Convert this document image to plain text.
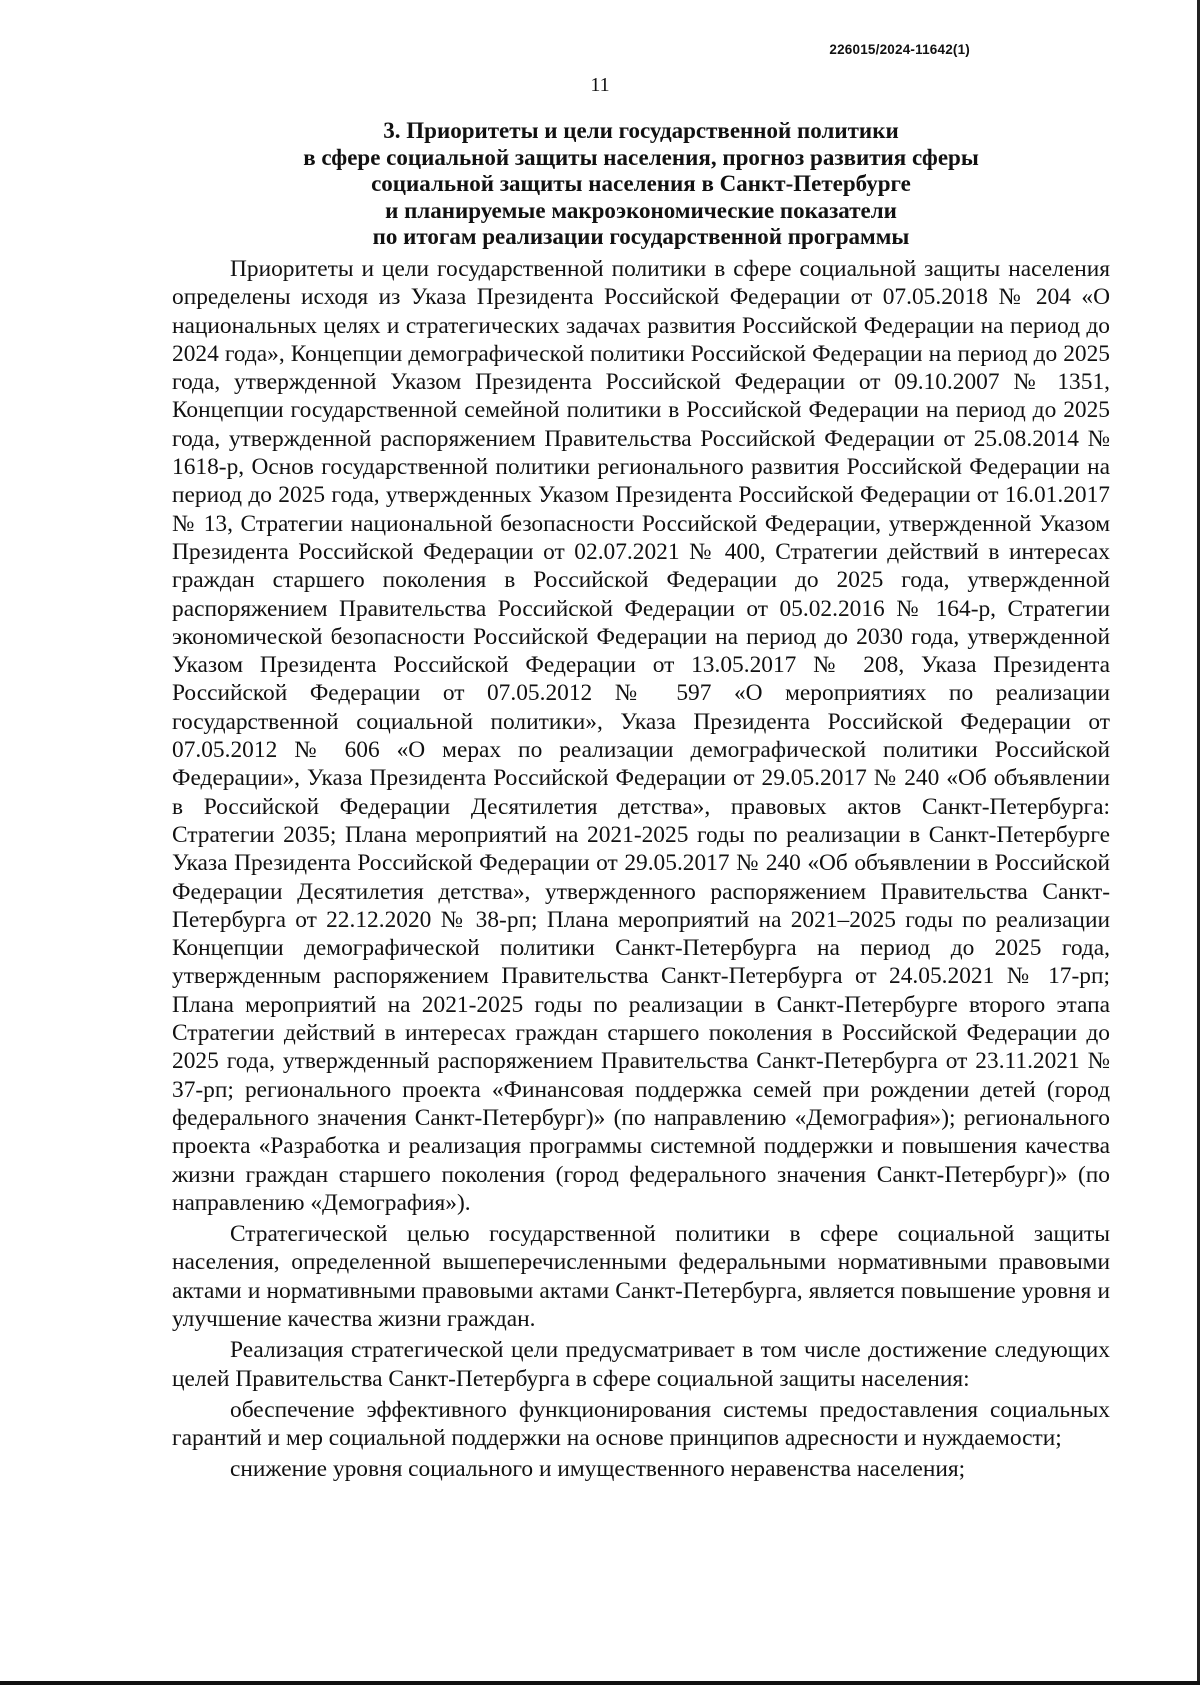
226015/2024-11642(1)
11
3. Приоритеты и цели государственной политики
в сфере социальной защиты населения, прогноз развития сферы
социальной защиты населения в Санкт-Петербурге
и планируемые макроэкономические показатели
по итогам реализации государственной программы

Приоритеты и цели государственной политики в сфере социальной защиты населения определены исходя из Указа Президента Российской Федерации от 07.05.2018 № 204 «О национальных целях и стратегических задачах развития Российской Федерации на период до 2024 года», Концепции демографической политики Российской Федерации на период до 2025 года, утвержденной Указом Президента Российской Федерации от 09.10.2007 № 1351, Концепции государственной семейной политики в Российской Федерации на период до 2025 года, утвержденной распоряжением Правительства Российской Федерации от 25.08.2014 № 1618-р, Основ государственной политики регионального развития Российской Федерации на период до 2025 года, утвержденных Указом Президента Российской Федерации от 16.01.2017 № 13, Стратегии национальной безопасности Российской Федерации, утвержденной Указом Президента Российской Федерации от 02.07.2021 № 400, Стратегии действий в интересах граждан старшего поколения в Российской Федерации до 2025 года, утвержденной распоряжением Правительства Российской Федерации от 05.02.2016 № 164-р, Стратегии экономической безопасности Российской Федерации на период до 2030 года, утвержденной Указом Президента Российской Федерации от 13.05.2017 № 208, Указа Президента Российской Федерации от 07.05.2012 № 597 «О мероприятиях по реализации государственной социальной политики», Указа Президента Российской Федерации от 07.05.2012 № 606 «О мерах по реализации демографической политики Российской Федерации», Указа Президента Российской Федерации от 29.05.2017 № 240 «Об объявлении в Российской Федерации Десятилетия детства», правовых актов Санкт-Петербурга: Стратегии 2035; Плана мероприятий на 2021-2025 годы по реализации в Санкт-Петербурге Указа Президента Российской Федерации от 29.05.2017 № 240 «Об объявлении в Российской Федерации Десятилетия детства», утвержденного распоряжением Правительства Санкт-Петербурга от 22.12.2020 № 38-рп; Плана мероприятий на 2021–2025 годы по реализации Концепции демографической политики Санкт-Петербурга на период до 2025 года, утвержденным распоряжением Правительства Санкт-Петербурга от 24.05.2021 № 17-рп; Плана мероприятий на 2021-2025 годы по реализации в Санкт-Петербурге второго этапа Стратегии действий в интересах граждан старшего поколения в Российской Федерации до 2025 года, утвержденный распоряжением Правительства Санкт-Петербурга от 23.11.2021 № 37-рп; регионального проекта «Финансовая поддержка семей при рождении детей (город федерального значения Санкт-Петербург)» (по направлению «Демография»); регионального проекта «Разработка и реализация программы системной поддержки и повышения качества жизни граждан старшего поколения (город федерального значения Санкт-Петербург)» (по направлению «Демография»).

Стратегической целью государственной политики в сфере социальной защиты населения, определенной вышеперечисленными федеральными нормативными правовыми актами и нормативными правовыми актами Санкт-Петербурга, является повышение уровня и улучшение качества жизни граждан.

Реализация стратегической цели предусматривает в том числе достижение следующих целей Правительства Санкт-Петербурга в сфере социальной защиты населения:

обеспечение эффективного функционирования системы предоставления социальных гарантий и мер социальной поддержки на основе принципов адресности и нуждаемости;

снижение уровня социального и имущественного неравенства населения;
